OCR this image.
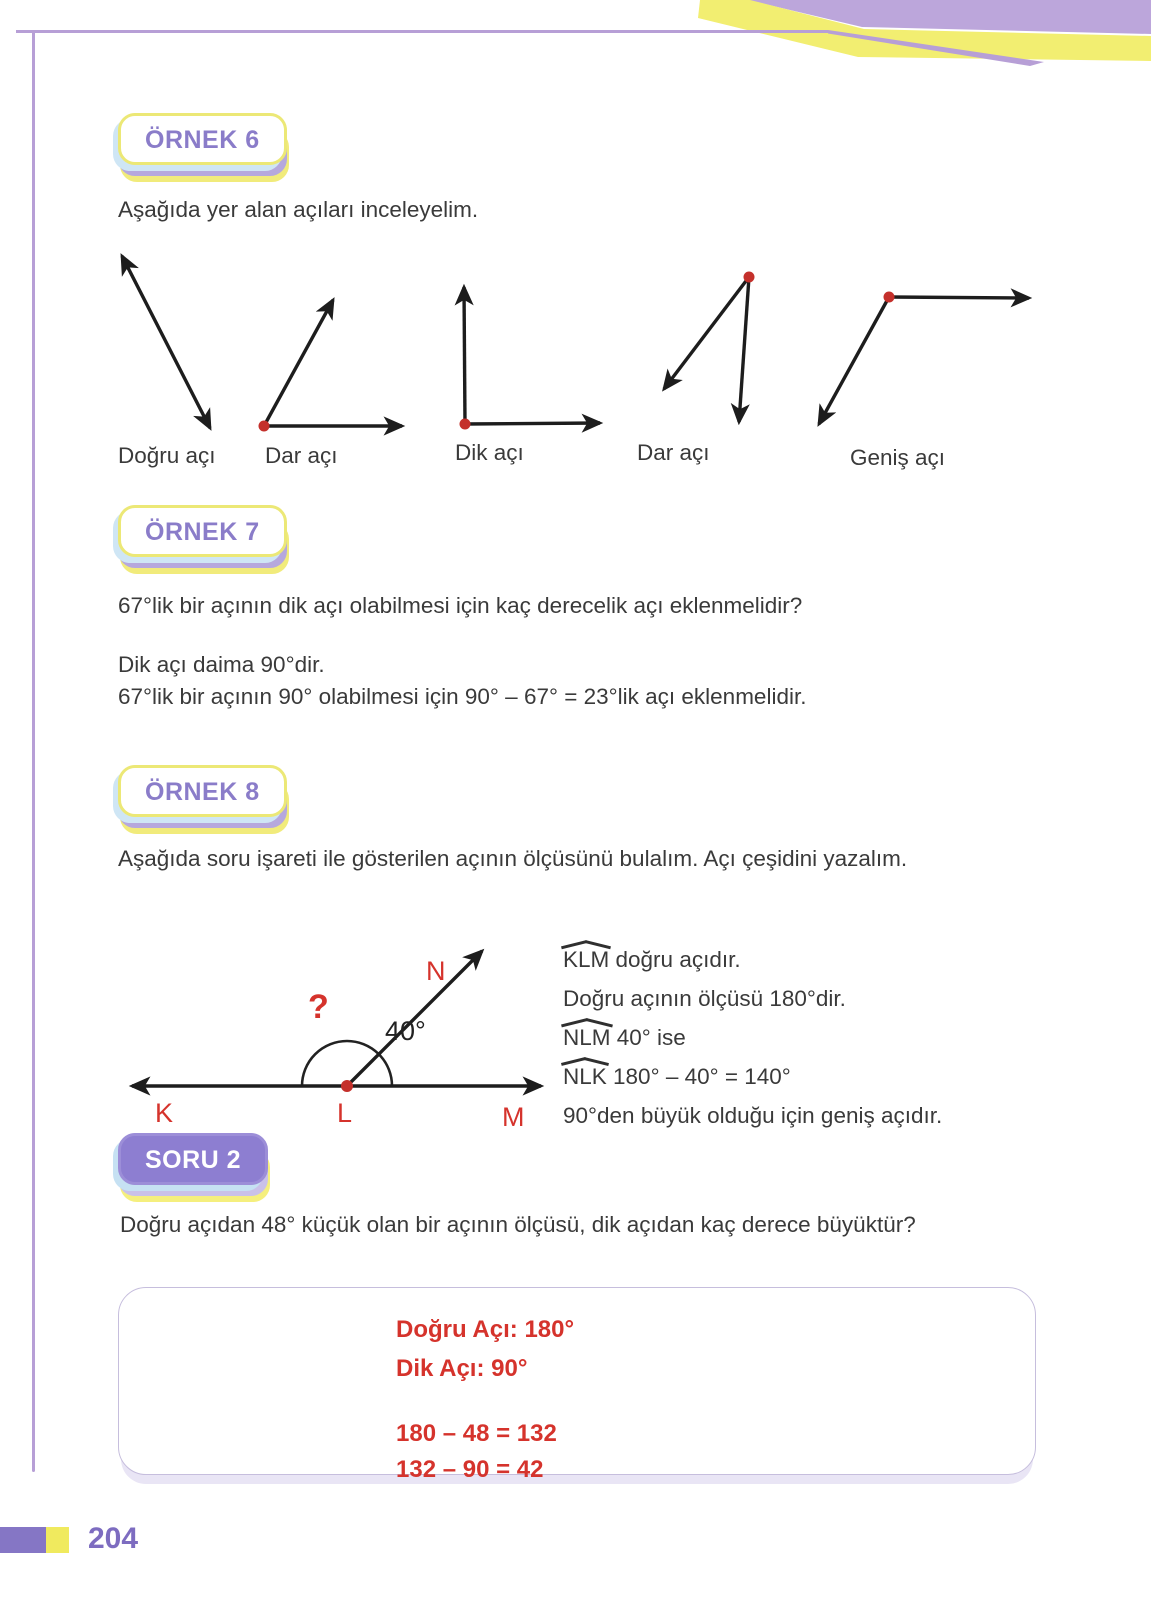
ÖRNEK 6
Aşağıda yer alan açıları inceleyelim.
Doğru açı Dar açı	Dik açı	Dar açı	Geniş açı
ÖRNEK 7
67°lik bir açının dik açı olabilmesi için kaç derecelik açı eklenmelidir?
Dik açı daima 90°dir.
67°lik bir açının 90° olabilmesi için 90° – 67° = 23°lik açı eklenmelidir.
ÖRNEK 8
Aşağıda soru işareti ile gösterilen açının ölçüsünü bulalım. Açı çeşidini yazalım.
K	L	M
N
?
40°
KLM doğru açıdır.
Doğru açının ölçüsü 180°dir.
NLM 40° ise
NLK 180° – 40° = 140°
90°den büyük olduğu için geniş açıdır.
SORU 2
Doğru açıdan 48° küçük olan bir açının ölçüsü, dik açıdan kaç derece büyüktür?
Doğru Açı: 180°
Dik Açı: 90°
180 – 48 = 132
132 – 90 = 42
204
